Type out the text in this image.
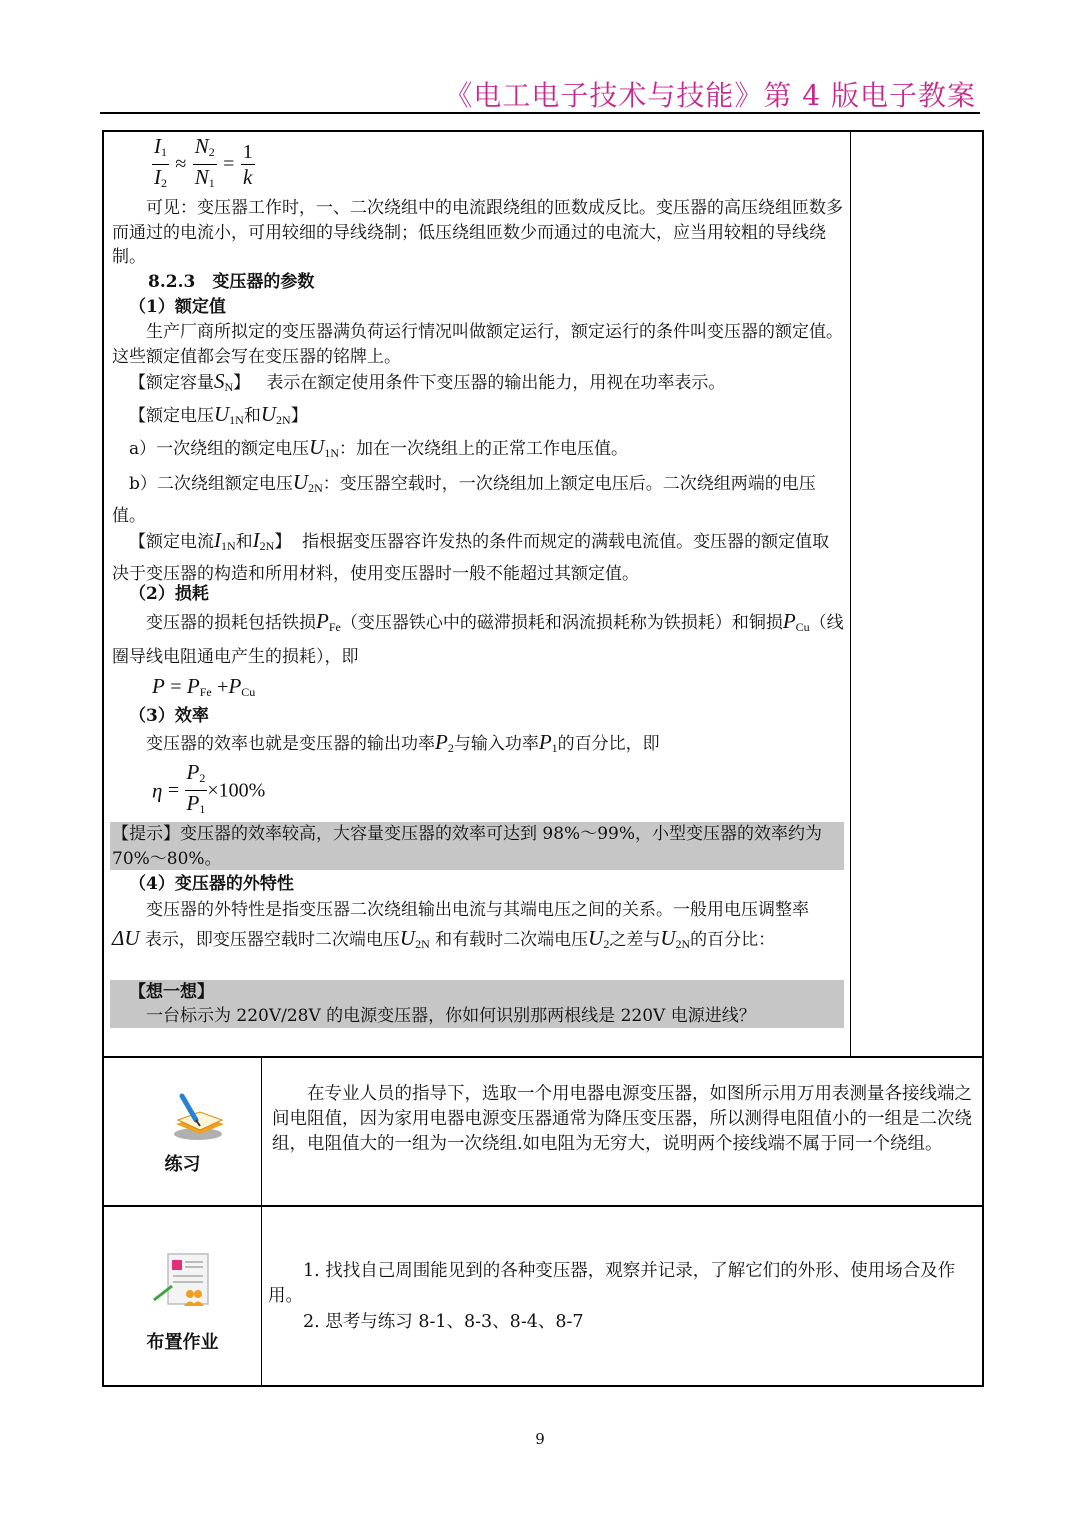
《电工电子技术与技能》第 4 版电子教案
$\frac{I_1}{I_2} \approx \frac{N_2}{N_1} = \frac{1}{k}$
可见：变压器工作时，一、二次绕组中的电流跟绕组的匝数成反比。变压器的高压绕组匝数多而通过的电流小，可用较细的导线绕制；低压绕组匝数少而通过的电流大，应当用较粗的导线绕制。
8.2.3　变压器的参数
（1）额定值
生产厂商所拟定的变压器满负荷运行情况叫做额定运行，额定运行的条件叫变压器的额定值。这些额定值都会写在变压器的铭牌上。
【额定容量$S_N$】 表示在额定使用条件下变压器的输出能力，用视在功率表示。
【额定电压$U_{1N}$和$U_{2N}$】
a）一次绕组的额定电压$U_{1N}$：加在一次绕组上的正常工作电压值。
b）二次绕组额定电压$U_{2N}$：变压器空载时，一次绕组加上额定电压后。二次绕组两端的电压值。
【额定电流$I_{1N}$和$I_{2N}$】 指根据变压器容许发热的条件而规定的满载电流值。变压器的额定值取决于变压器的构造和所用材料，使用变压器时一般不能超过其额定值。
（2）损耗
变压器的损耗包括铁损$P_{Fe}$（变压器铁心中的磁滞损耗和涡流损耗称为铁损耗）和铜损$P_{Cu}$（线圈导线电阻通电产生的损耗），即
$P = P_{Fe} +P_{Cu}$
（3）效率
变压器的效率也就是变压器的输出功率$P_2$与输入功率$P_1$的百分比，即
$\eta = \frac{P_2}{P_1} \times 100\%$
【提示】变压器的效率较高，大容量变压器的效率可达到 98%～99%，小型变压器的效率约为 70%～80%。
（4）变压器的外特性
变压器的外特性是指变压器二次绕组输出电流与其端电压之间的关系。一般用电压调整率ΔU 表示，即变压器空载时二次端电压$U_{2N}$ 和有载时二次端电压$U_2$之差与$U_{2N}$的百分比：
【想一想】
一台标示为 220V/28V 的电源变压器，你如何识别那两根线是 220V 电源进线？
练习
在专业人员的指导下，选取一个用电器电源变压器，如图所示用万用表测量各接线端之间电阻值，因为家用电器电源变压器通常为降压变压器，所以测得电阻值小的一组是二次绕组，电阻值大的一组为一次绕组.如电阻为无穷大，说明两个接线端不属于同一个绕组。
布置作业
1. 找找自己周围能见到的各种变压器，观察并记录，了解它们的外形、使用场合及作用。
2. 思考与练习 8-1、8-3、8-4、8-7
9
